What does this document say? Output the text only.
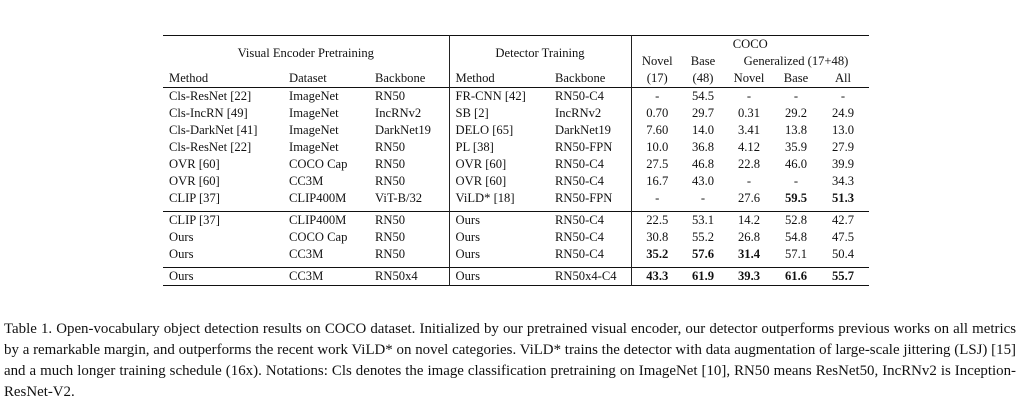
Visual Encoder Pretraining			Detector Training		COCO				
					Novel	Base	Generalized (17+48)		
Method	Dataset	Backbone	Method	Backbone	(17)	(48)	Novel	Base	All
Cls-ResNet [22]	ImageNet	RN50	FR-CNN [42]	RN50-C4	-	54.5	-	-	-
Cls-IncRN [49]	ImageNet	IncRNv2	SB [2]	IncRNv2	0.70	29.7	0.31	29.2	24.9
Cls-DarkNet [41]	ImageNet	DarkNet19	DELO [65]	DarkNet19	7.60	14.0	3.41	13.8	13.0
Cls-ResNet [22]	ImageNet	RN50	PL [38]	RN50-FPN	10.0	36.8	4.12	35.9	27.9
OVR [60]	COCO Cap	RN50	OVR [60]	RN50-C4	27.5	46.8	22.8	46.0	39.9
OVR [60]	CC3M	RN50	OVR [60]	RN50-C4	16.7	43.0	-	-	34.3
CLIP [37]	CLIP400M	ViT-B/32	ViLD* [18]	RN50-FPN	-	-	27.6	59.5	51.3

CLIP [37]	CLIP400M	RN50	Ours	RN50-C4	22.5	53.1	14.2	52.8	42.7
Ours	COCO Cap	RN50	Ours	RN50-C4	30.8	55.2	26.8	54.8	47.5
Ours	CC3M	RN50	Ours	RN50-C4	35.2	57.6	31.4	57.1	50.4

Ours	CC3M	RN50x4	Ours	RN50x4-C4	43.3	61.9	39.3	61.6	55.7
Table 1. Open-vocabulary object detection results on COCO dataset. Initialized by our pretrained visual encoder, our detector outperforms previous works on all metrics by a remarkable margin, and outperforms the recent work ViLD* on novel categories. ViLD* trains the detector with data augmentation of large-scale jittering (LSJ) [15] and a much longer training schedule (16x). Notations: Cls denotes the image classification pretraining on ImageNet [10], RN50 means ResNet50, IncRNv2 is Inception-ResNet-V2.
